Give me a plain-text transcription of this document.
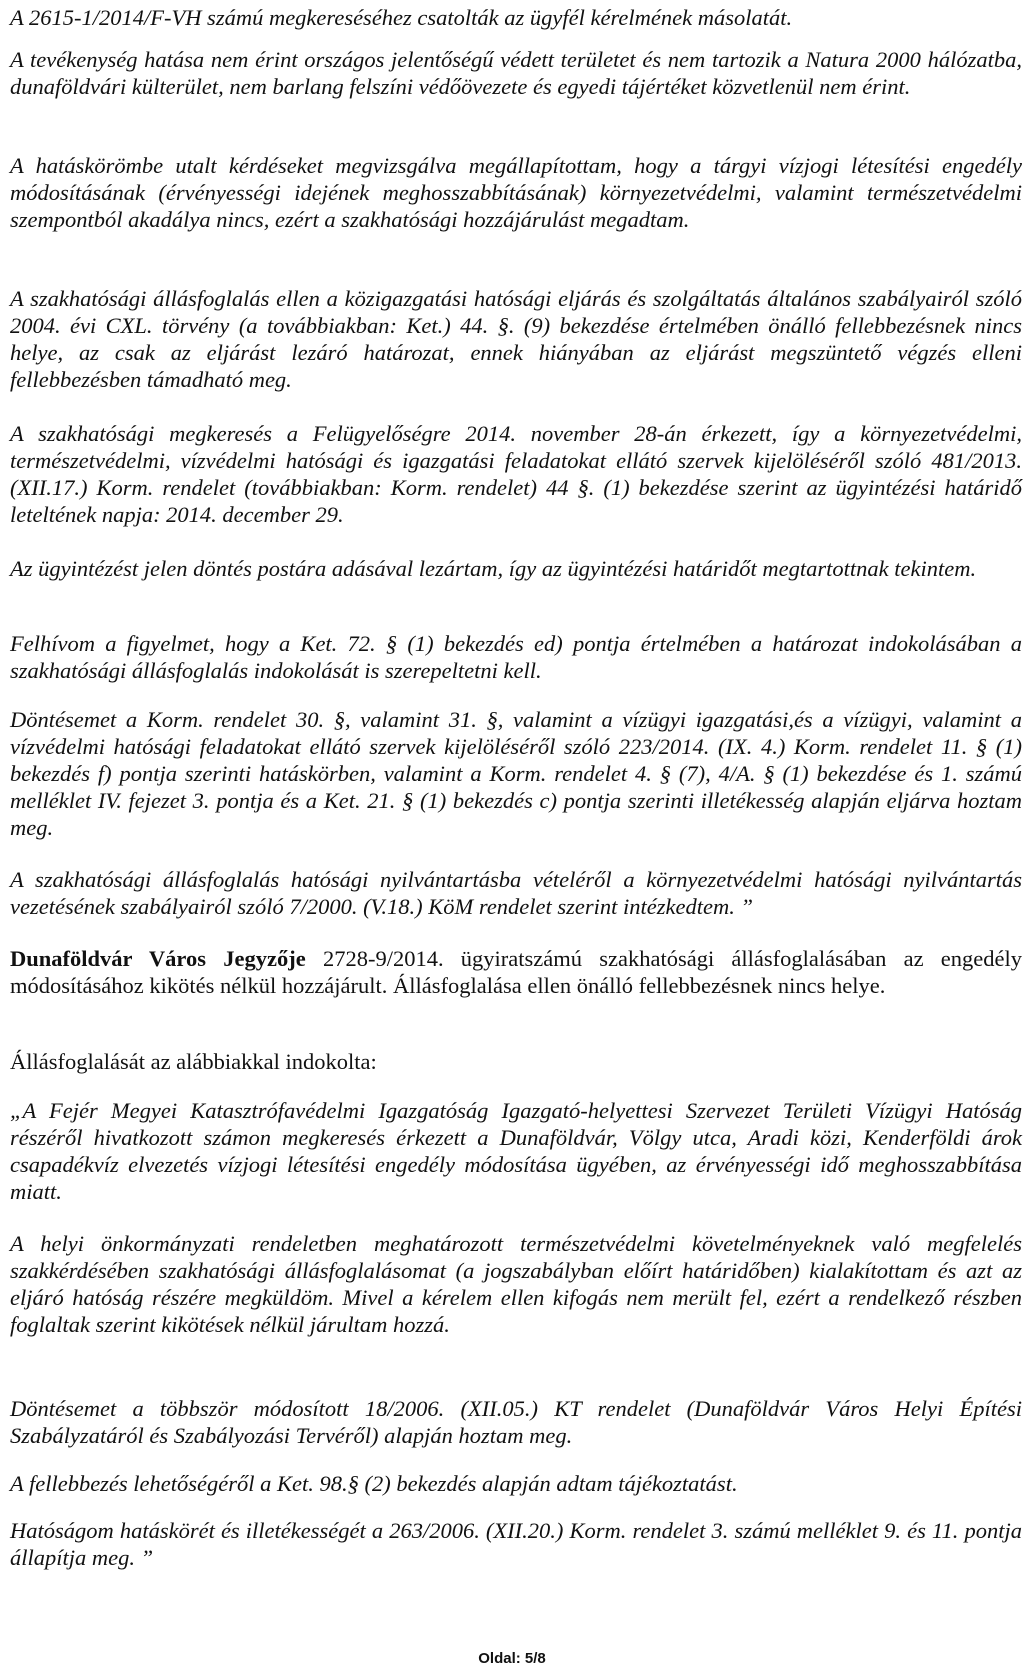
A 2615-1/2014/F-VH számú megkereséséhez csatolták az ügyfél kérelmének másolatát.

A tevékenység hatása nem érint országos jelentőségű védett területet és nem tartozik a Natura 2000 hálózatba, dunaföldvári külterület, nem barlang felszíni védőövezete és egyedi tájértéket közvetlenül nem érint.

A hatáskörömbe utalt kérdéseket megvizsgálva megállapítottam, hogy a tárgyi vízjogi létesítési engedély módosításának (érvényességi idejének meghosszabbításának) környezetvédelmi, valamint természetvédelmi szempontból akadálya nincs, ezért a szakhatósági hozzájárulást megadtam.

A szakhatósági állásfoglalás ellen a közigazgatási hatósági eljárás és szolgáltatás általános szabályairól szóló 2004. évi CXL. törvény (a továbbiakban: Ket.) 44. §. (9) bekezdése értelmében önálló fellebbezésnek nincs helye, az csak az eljárást lezáró határozat, ennek hiányában az eljárást megszüntető végzés elleni fellebbezésben támadható meg.

A szakhatósági megkeresés a Felügyelőségre 2014. november 28-án érkezett, így a környezetvédelmi, természetvédelmi, vízvédelmi hatósági és igazgatási feladatokat ellátó szervek kijelöléséről szóló 481/2013. (XII.17.) Korm. rendelet (továbbiakban: Korm. rendelet) 44 §. (1) bekezdése szerint az ügyintézési határidő leteltének napja: 2014. december 29.

Az ügyintézést jelen döntés postára adásával lezártam, így az ügyintézési határidőt megtartottnak tekintem.

Felhívom a figyelmet, hogy a Ket. 72. § (1) bekezdés ed) pontja értelmében a határozat indokolásában a szakhatósági állásfoglalás indokolását is szerepeltetni kell.

Döntésemet a Korm. rendelet 30. §, valamint 31. §, valamint a vízügyi igazgatási,és a vízügyi, valamint a vízvédelmi hatósági feladatokat ellátó szervek kijelöléséről szóló 223/2014. (IX. 4.) Korm. rendelet 11. § (1) bekezdés f) pontja szerinti hatáskörben, valamint a Korm. rendelet 4. § (7), 4/A. § (1) bekezdése és 1. számú melléklet IV. fejezet 3. pontja és a Ket. 21. § (1) bekezdés c) pontja szerinti illetékesség alapján eljárva hoztam meg.

A szakhatósági állásfoglalás hatósági nyilvántartásba vételéről a környezetvédelmi hatósági nyilvántartás vezetésének szabályairól szóló 7/2000. (V.18.) KöM rendelet szerint intézkedtem. ”

Dunaföldvár Város Jegyzője 2728-9/2014. ügyiratszámú szakhatósági állásfoglalásában az engedély módosításához kikötés nélkül hozzájárult. Állásfoglalása ellen önálló fellebbezésnek nincs helye.

Állásfoglalását az alábbiakkal indokolta:

„A Fejér Megyei Katasztrófavédelmi Igazgatóság Igazgató-helyettesi Szervezet Területi Vízügyi Hatóság részéről hivatkozott számon megkeresés érkezett a Dunaföldvár, Völgy utca, Aradi közi, Kenderföldi árok csapadékvíz elvezetés vízjogi létesítési engedély módosítása ügyében, az érvényességi idő meghosszabbítása miatt.

A helyi önkormányzati rendeletben meghatározott természetvédelmi követelményeknek való megfelelés szakkérdésében szakhatósági állásfoglalásomat (a jogszabályban előírt határidőben) kialakítottam és azt az eljáró hatóság részére megküldöm. Mivel a kérelem ellen kifogás nem merült fel, ezért a rendelkező részben foglaltak szerint kikötések nélkül járultam hozzá.

Döntésemet a többször módosított 18/2006. (XII.05.) KT rendelet (Dunaföldvár Város Helyi Építési Szabályzatáról és Szabályozási Tervéről) alapján hoztam meg.

A fellebbezés lehetőségéről a Ket. 98.§ (2) bekezdés alapján adtam tájékoztatást.

Hatóságom hatáskörét és illetékességét a 263/2006. (XII.20.) Korm. rendelet 3. számú melléklet 9. és 11. pontja állapítja meg. ”

Oldal: 5/8
